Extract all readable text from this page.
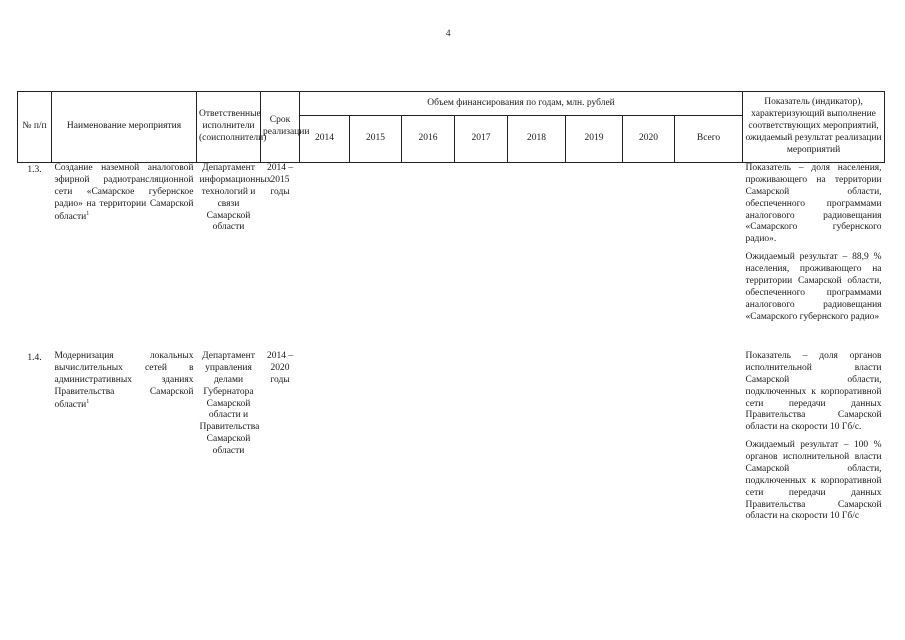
4
№ п/п	Наименование мероприятия	Ответственные исполнители (соисполнители)	Срок реализации	Объем финансирования по годам, млн. рублей								Показатель (индикатор), характеризующий выполнение соответствующих мероприятий, ожидаемый результат реализации мероприятий
				2014	2015	2016	2017	2018	2019	2020	Всего	
1.3.	Создание наземной аналоговой эфирной радиотрансляционной сети «Самарское губернское радио» на территории Самарской области$^1$	Департамент информационных технологий и связи Самарской области	2014 – 2015 годы									Показатель – доля населения, проживающего на территории Самарской области, обеспеченного программами аналогового радиовещания «Самарского губернского радио».

Ожидаемый результат – 88,9 % населения, проживающего на территории Самарской области, обеспеченного программами аналогового радиовещания «Самарского губернского радио»

1.4.	Модернизация локальных вычислительных сетей в административных зданиях Правительства Самарской области$^1$	Департамент управления делами Губернатора Самарской области и Правительства Самарской области	2014 – 2020 годы									Показатель – доля органов исполнительной власти Самарской области, подключенных к корпоративной сети передачи данных Правительства Самарской области на скорости 10 Гб/с.

Ожидаемый результат – 100 % органов исполнительной власти Самарской области, подключенных к корпоративной сети передачи данных Правительства Самарской области на скорости 10 Гб/с
